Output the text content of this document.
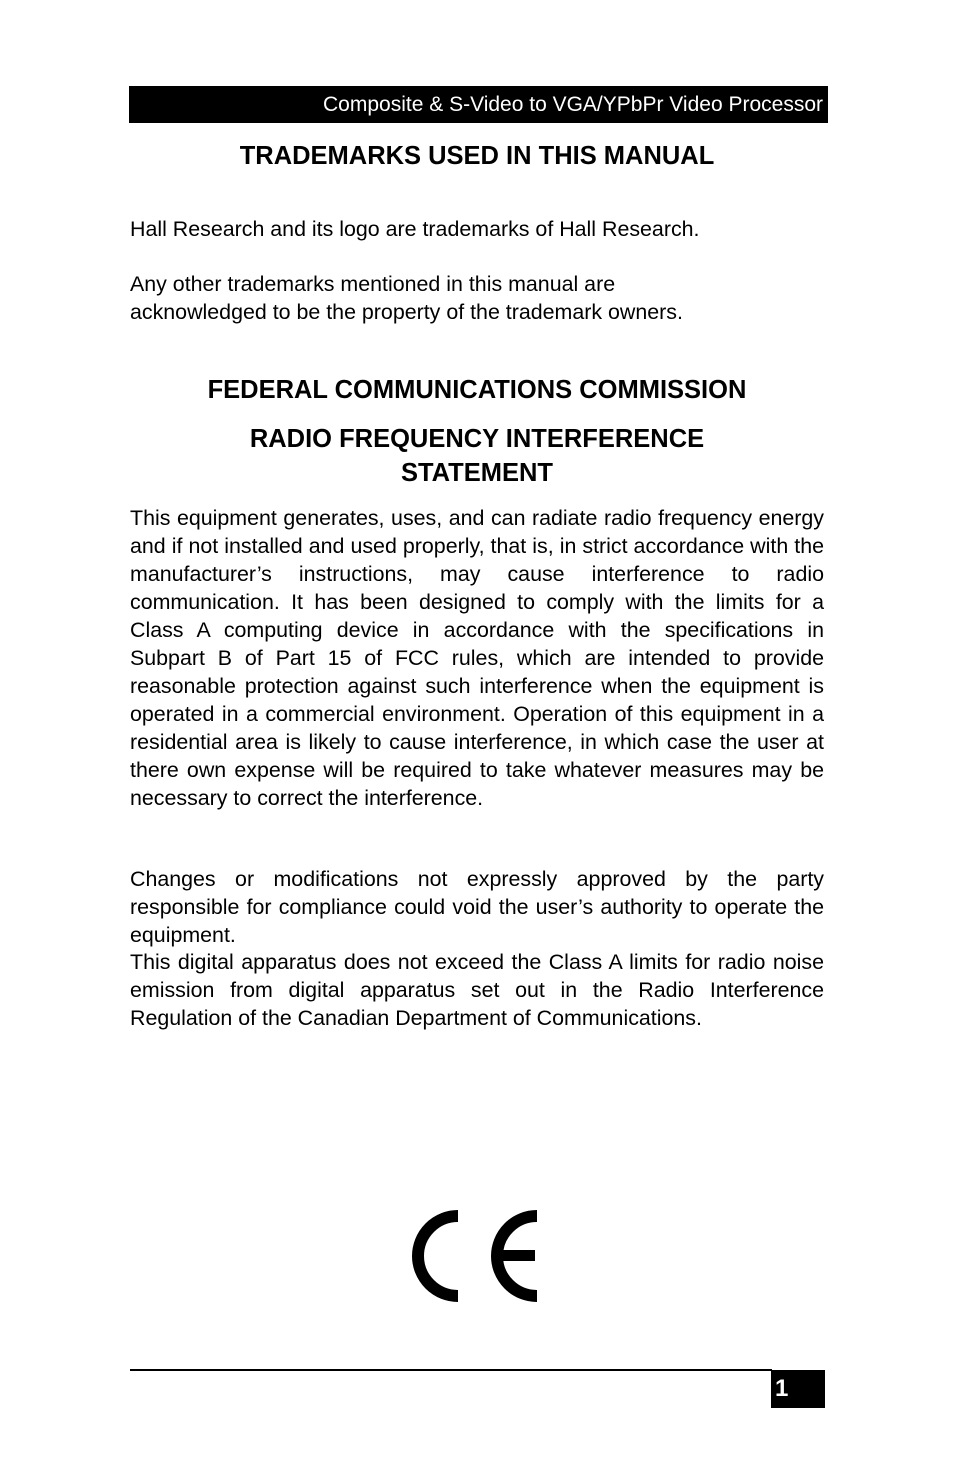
Composite & S-Video to VGA/YPbPr Video Processor
TRADEMARKS USED IN THIS MANUAL

Hall Research and its logo are trademarks of Hall Research.

Any other trademarks mentioned in this manual are acknowledged to be the property of the trademark owners.

FEDERAL COMMUNICATIONS COMMISSION
RADIO FREQUENCY INTERFERENCE STATEMENT

This equipment generates, uses, and can radiate radio frequency energy and if not installed and used properly, that is, in strict accordance with the manufacturer’s instructions, may cause interference to radio communication. It has been designed to comply with the limits for a Class A computing device in accordance with the specifications in Subpart B of Part 15 of FCC rules, which are intended to provide reasonable protection against such interference when the equipment is operated in a commercial environment. Operation of this equipment in a residential area is likely to cause interference, in which case the user at there own expense will be required to take whatever measures may be necessary to correct the interference.

Changes or modifications not expressly approved by the party responsible for compliance could void the user’s authority to operate the equipment.

This digital apparatus does not exceed the Class A limits for radio noise emission from digital apparatus set out in the Radio Interference Regulation of the Canadian Department of Communications.

1
